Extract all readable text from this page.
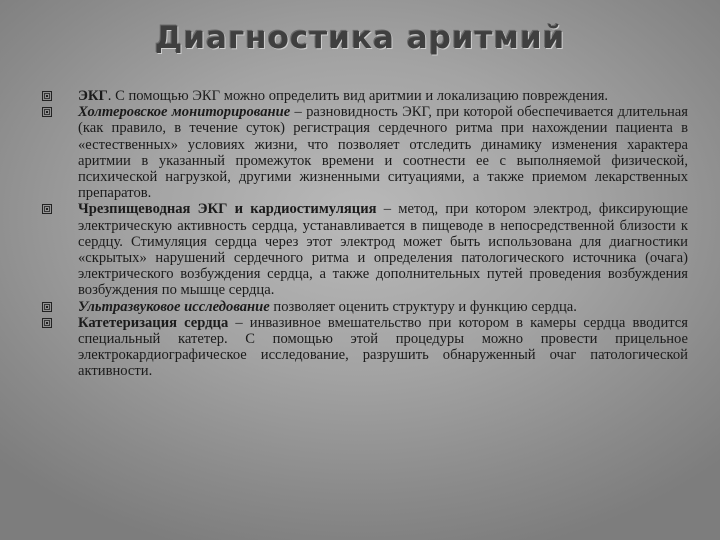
Диагностика аритмий
ЭКГ. С помощью ЭКГ можно определить вид аритмии и локализацию повреждения.
Холтеровское мониторирование – разновидность ЭКГ, при которой обеспечивается длительная (как правило, в течение суток) регистрация сердечного ритма при нахождении пациента в «естественных» условиях жизни, что позволяет отследить динамику изменения характера аритмии в указанный промежуток времени и соотнести ее с выполняемой физической, психической нагрузкой, другими жизненными ситуациями, а также приемом лекарственных препаратов.
Чрезпищеводная ЭКГ и кардиостимуляция – метод, при котором электрод, фиксирующие электрическую активность сердца, устанавливается в пищеводе в непосредственной близости к сердцу. Стимуляция сердца через этот электрод может быть использована для диагностики «скрытых» нарушений сердечного ритма и определения патологического источника (очага) электрического возбуждения сердца, а также дополнительных путей проведения возбуждения возбуждения по мышце сердца.
Ультразвуковое исследование позволяет оценить структуру и функцию сердца.
Катетеризация сердца – инвазивное вмешательство при котором в камеры сердца вводится специальный катетер. С помощью этой процедуры можно провести прицельное электрокардиографическое исследование, разрушить обнаруженный очаг патологической активности.
